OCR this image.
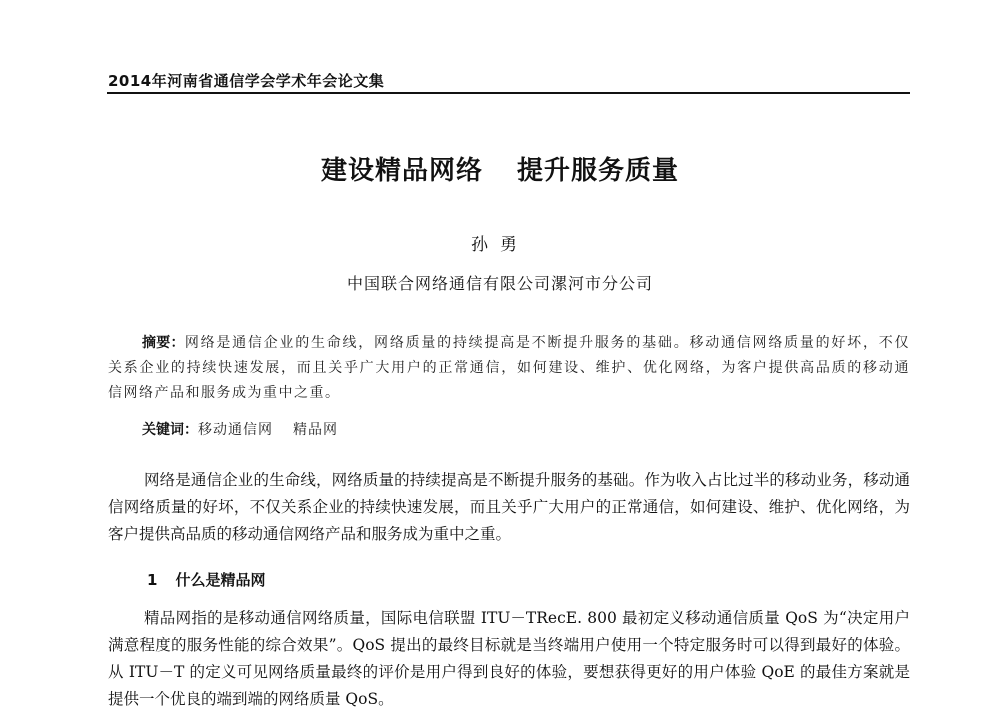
2014年河南省通信学会学术年会论文集
建设精品网络 提升服务质量
孙勇
中国联合网络通信有限公司漯河市分公司
摘要：网络是通信企业的生命线，网络质量的持续提高是不断提升服务的基础。移动通信网络质量的好坏，不仅关系企业的持续快速发展，而且关乎广大用户的正常通信，如何建设、维护、优化网络，为客户提供高品质的移动通信网络产品和服务成为重中之重。
关键词：移动通信网 精品网
网络是通信企业的生命线，网络质量的持续提高是不断提升服务的基础。作为收入占比过半的移动业务，移动通信网络质量的好坏，不仅关系企业的持续快速发展，而且关乎广大用户的正常通信，如何建设、维护、优化网络，为客户提供高品质的移动通信网络产品和服务成为重中之重。
1 什么是精品网
精品网指的是移动通信网络质量，国际电信联盟 ITU－TRecE. 800 最初定义移动通信质量 QoS 为“决定用户满意程度的服务性能的综合效果”。QoS 提出的最终目标就是当终端用户使用一个特定服务时可以得到最好的体验。从 ITU－T 的定义可见网络质量最终的评价是用户得到良好的体验，要想获得更好的用户体验 QoE 的最佳方案就是提供一个优良的端到端的网络质量 QoS。
